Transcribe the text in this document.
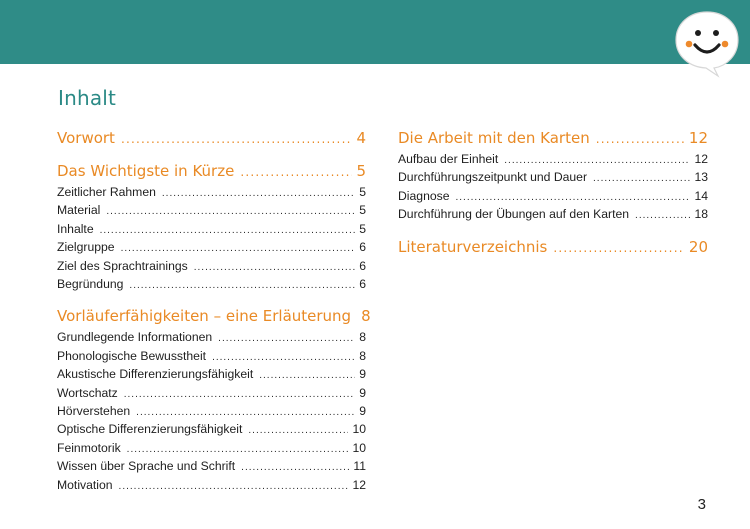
Inhalt
Vorwort .....	4
Das Wichtigste in Kürze .....	5
Zeitlicher Rahmen .....	5
Material .....	5
Inhalte .....	5
Zielgruppe .....	6
Ziel des Sprachtrainings .....	6
Begründung .....	6
Vorläuferfähigkeiten – eine Erläuterung 8
Grundlegende Informationen .....	8
Phonologische Bewusstheit .....	8
Akustische Differenzierungsfähigkeit .....	9
Wortschatz .....	9
Hörverstehen .....	9
Optische Differenzierungsfähigkeit .....	10
Feinmotorik .....	10
Wissen über Sprache und Schrift .....	11
Motivation .....	12
Die Arbeit mit den Karten .....	12
Aufbau der Einheit .....	12
Durchführungszeitpunkt und Dauer .....	13
Diagnose .....	14
Durchführung der Übungen auf den Karten .....	18
Literaturverzeichnis .....	20
3
